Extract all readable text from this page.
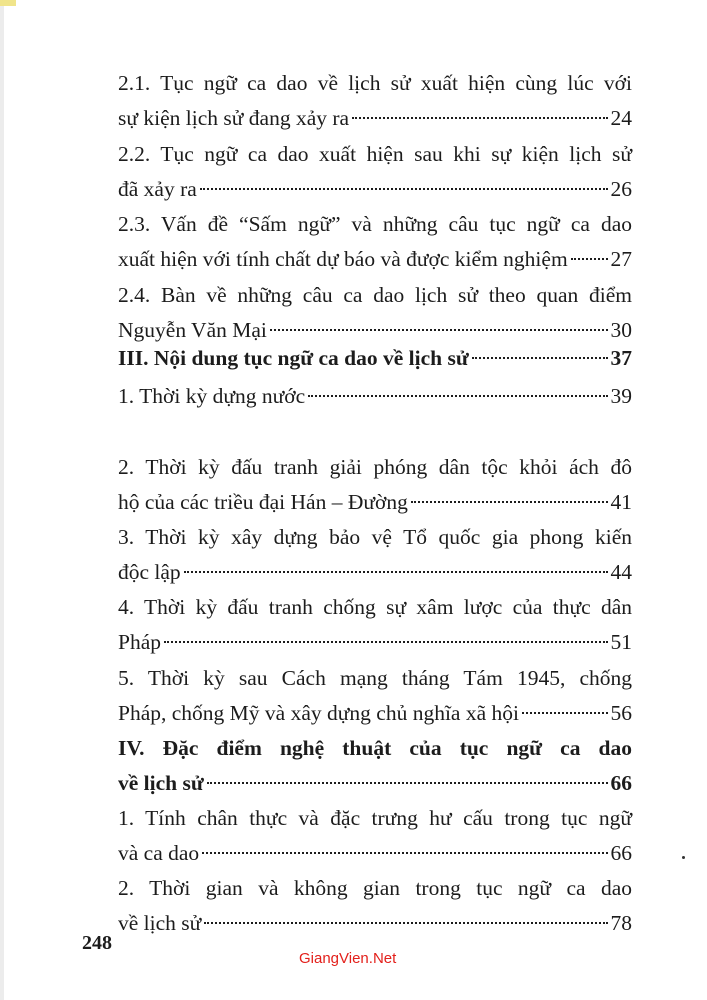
2.1. Tục ngữ ca dao về lịch sử xuất hiện cùng lúc với
sự kiện lịch sử đang xảy ra	24
2.2. Tục ngữ ca dao xuất hiện sau khi sự kiện lịch sử
đã xảy ra	26
2.3. Vấn đề “Sấm ngữ” và những câu tục ngữ ca dao
xuất hiện với tính chất dự báo và được kiểm nghiệm 27
2.4. Bàn về những câu ca dao lịch sử theo quan điểm
Nguyễn Văn Mại	30
III. Nội dung tục ngữ ca dao về lịch sử	37
1. Thời kỳ dựng nước	39
2. Thời kỳ đấu tranh giải phóng dân tộc khỏi ách đô
hộ của các triều đại Hán – Đường	41
3. Thời kỳ xây dựng bảo vệ Tổ quốc gia phong kiến
độc lập	44
4. Thời kỳ đấu tranh chống sự xâm lược của thực dân
Pháp	51
5. Thời kỳ sau Cách mạng tháng Tám 1945, chống
Pháp, chống Mỹ và xây dựng chủ nghĩa xã hội	56
IV. Đặc điểm nghệ thuật của tục ngữ ca dao
về lịch sử	66
1. Tính chân thực và đặc trưng hư cấu trong tục ngữ
và ca dao	66
2. Thời gian và không gian trong tục ngữ ca dao
về lịch sử	78
248
GiangVien.Net
